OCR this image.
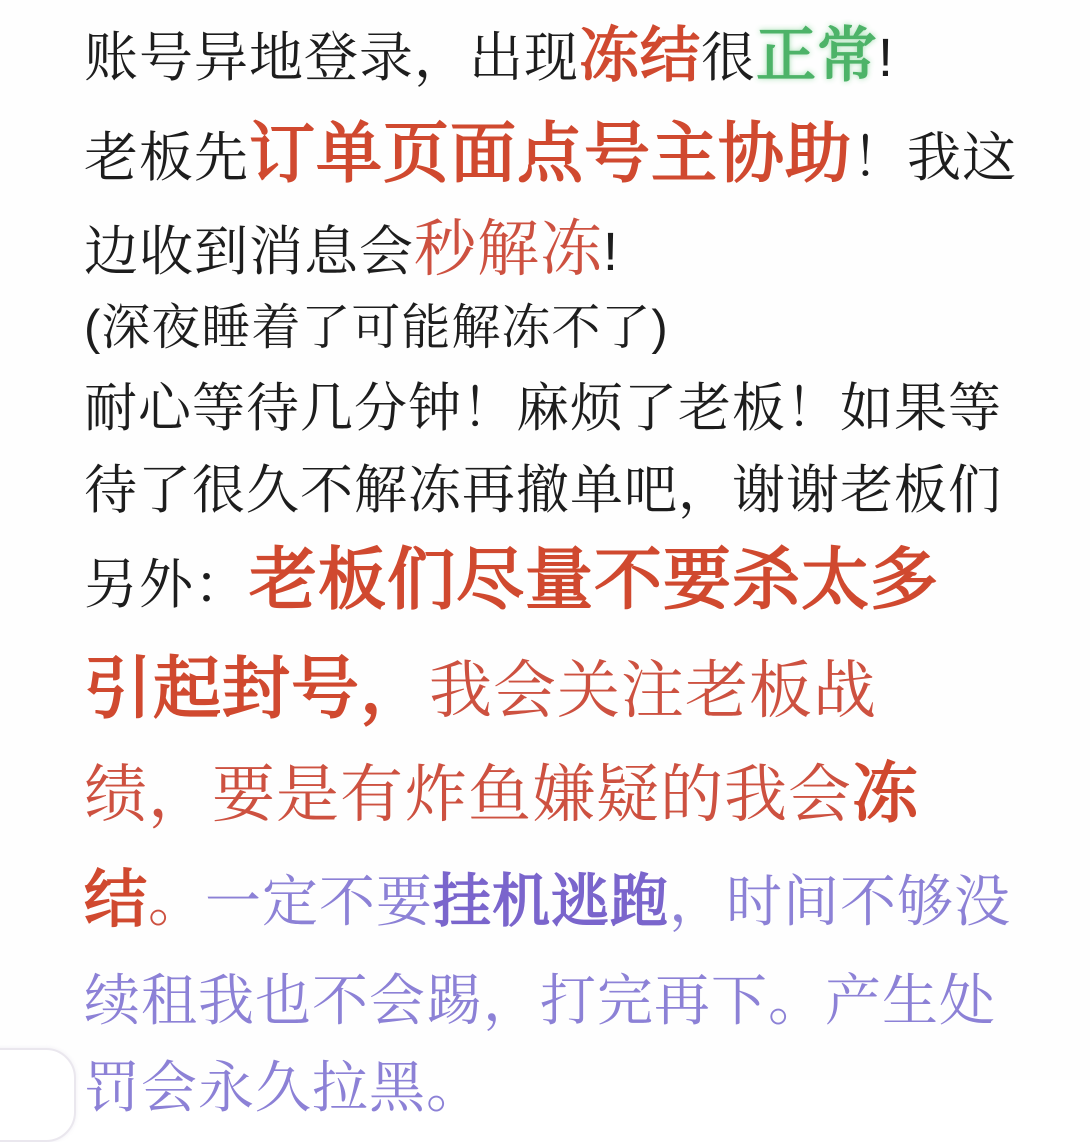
账号异地登录，出现冻结很正常!
老板先订单页面点号主协助！我这
边收到消息会秒解冻!
(深夜睡着了可能解冻不了)
耐心等待几分钟！麻烦了老板！如果等
待了很久不解冻再撤单吧，谢谢老板们
另外：老板们尽量不要杀太多
引起封号，我会关注老板战
绩，要是有炸鱼嫌疑的我会冻
结。一定不要挂机逃跑，时间不够没
续租我也不会踢，打完再下。产生处
罚会永久拉黑。
